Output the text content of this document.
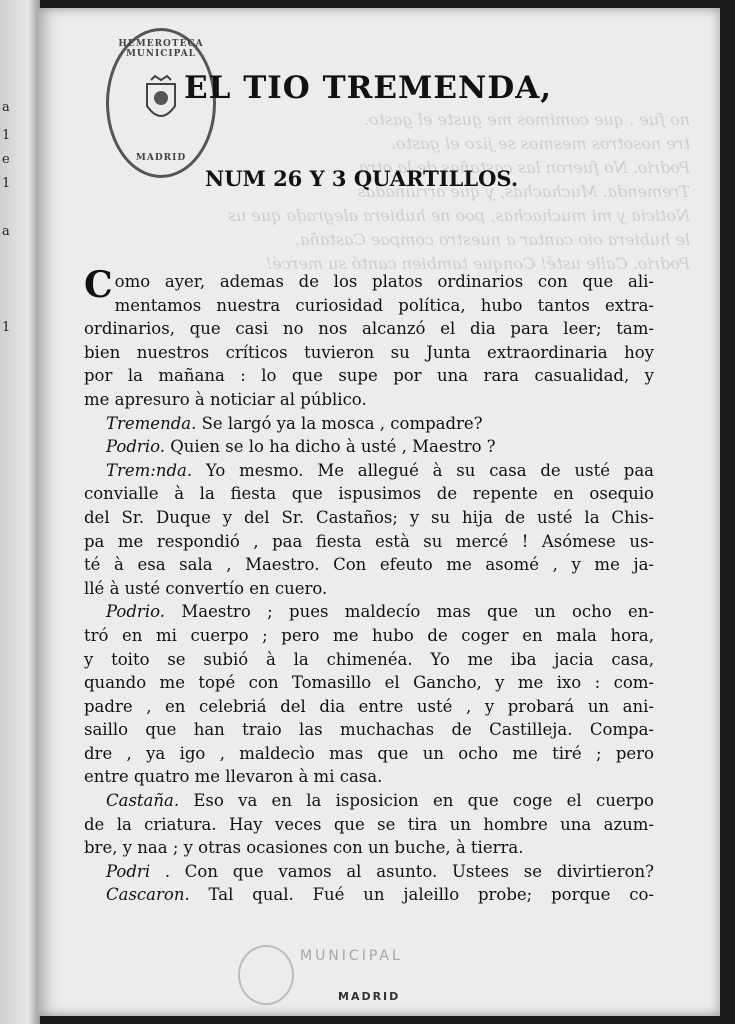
a
1
e
1
a
1
no fue . que comimos me guste el gasto.
tre nosotros mesmos se jizo el gasto.
Podrio. No fueron las castañas de la otra
Tremenda. Muchachas, y que arruinadas
Noticia y mi muchachas, poo ne hubiera alegrado que us
le hubiera oio cantar a nuestro compae Castaña.
Podrio. Calle usté! Conque tambien cantó su mercé!
HEMEROTECA MUNICIPAL
MADRID
EL TIO TREMENDA,
NUM 26 Y 3 QUARTILLOS.
C omo ayer, ademas de los platos ordinarios con que ali-
mentamos nuestra curiosidad política, hubo tantos extra-
ordinarios, que casi no nos alcanzó el dia para leer; tam-
bien nuestros críticos tuvieron su Junta extraordinaria hoy
por la mañana : lo que supe por una rara casualidad, y
me apresuro à noticiar al público.
Tremenda. Se largó ya la mosca , compadre?
Podrio. Quien se lo ha dicho à usté , Maestro ?
Trem:nda. Yo mesmo. Me allegué à su casa de usté paa
convialle à la fiesta que ispusimos de repente en osequio
del Sr. Duque y del Sr. Castaños; y su hija de usté la Chis-
pa me respondió , paa fiesta està su mercé ! Asómese us-
té à esa sala , Maestro. Con efeuto me asomé , y me ja-
llé à usté convertío en cuero.
Podrio. Maestro ; pues maldecío mas que un ocho en-
tró en mi cuerpo ; pero me hubo de coger en mala hora,
y toito se subió à la chimenéa. Yo me iba jacia casa,
quando me topé con Tomasillo el Gancho, y me ixo : com-
padre , en celebriá del dia entre usté , y probará un ani-
saillo que han traio las muchachas de Castilleja. Compa-
dre , ya igo , maldecìo mas que un ocho me tiré ; pero
entre quatro me llevaron à mi casa.
Castaña. Eso va en la isposicion en que coge el cuerpo
de la criatura. Hay veces que se tira un hombre una azum-
bre, y naa ; y otras ocasiones con un buche, à tierra.
Podri . Con que vamos al asunto. Ustees se divirtieron?
Cascaron. Tal qual. Fué un jaleillo probe; porque co-
MUNICIPAL
MADRID
